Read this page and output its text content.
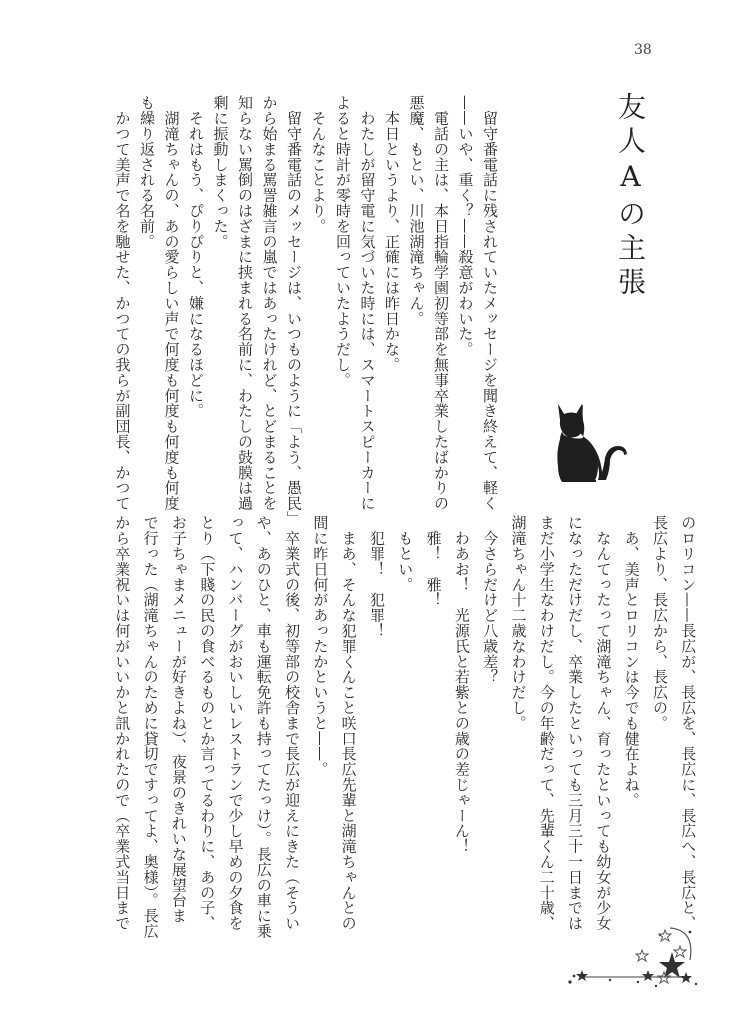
38
友人Aの主張
　留守番電話に残されていたメッセージを聞き終えて、軽く
——いや、重く？——殺意がわいた。
　電話の主は、本日指輪学園初等部を無事卒業したばかりの
悪魔、もとい、川池湖滝ちゃん。
　本日というより、正確には昨日かな。
　わたしが留守電に気づいた時には、スマートスピーカーに
よると時計が零時を回っていたようだし。
　そんなことより。
　留守番電話のメッセージは、いつものように「よう、愚民」
から始まる罵詈雑言の嵐ではあったけれど、とどまることを
知らない罵倒のはざまに挟まれる名前に、わたしの鼓膜は過
剰に振動しまくった。
　それはもう、ぴりぴりと、嫌になるほどに。
　湖滝ちゃんの、あの愛らしい声で何度も何度も何度も何度
も繰り返される名前。
　かつて美声で名を馳せた、かつての我らが副団長、かつて
のロリコン——長広が、長広を、長広に、長広へ、長広と、
長広より、長広から、長広の。
　あ、美声とロリコンは今でも健在よね。
　なんてったって湖滝ちゃん、育ったといっても幼女が少女
になっただけだし、卒業したといっても三月三十一日までは
まだ小学生なわけだし。今の年齢だって、先輩くん二十歳、
湖滝ちゃん十二歳なわけだし。
　今さらだけど八歳差？
　わあお！　光源氏と若紫との歳の差じゃーん！
　雅！　雅！
　もとい。
　犯罪！　犯罪！
　まあ、そんな犯罪くんこと咲口長広先輩と湖滝ちゃんとの
間に昨日何があったかというと——。
　卒業式の後、初等部の校舎まで長広が迎えにきた（そうい
や、あのひと、車も運転免許も持ってたっけ）。長広の車に乗
って、ハンバーグがおいしいレストランで少し早めの夕食を
とり（下賤の民の食べるものとか言ってるわりに、あの子、
お子ちゃまメニューが好きよね）、夜景のきれいな展望台ま
で行った（湖滝ちゃんのために貸切ですってよ、奥様）。長広
から卒業祝いは何がいいかと訊かれたので（卒業式当日まで
